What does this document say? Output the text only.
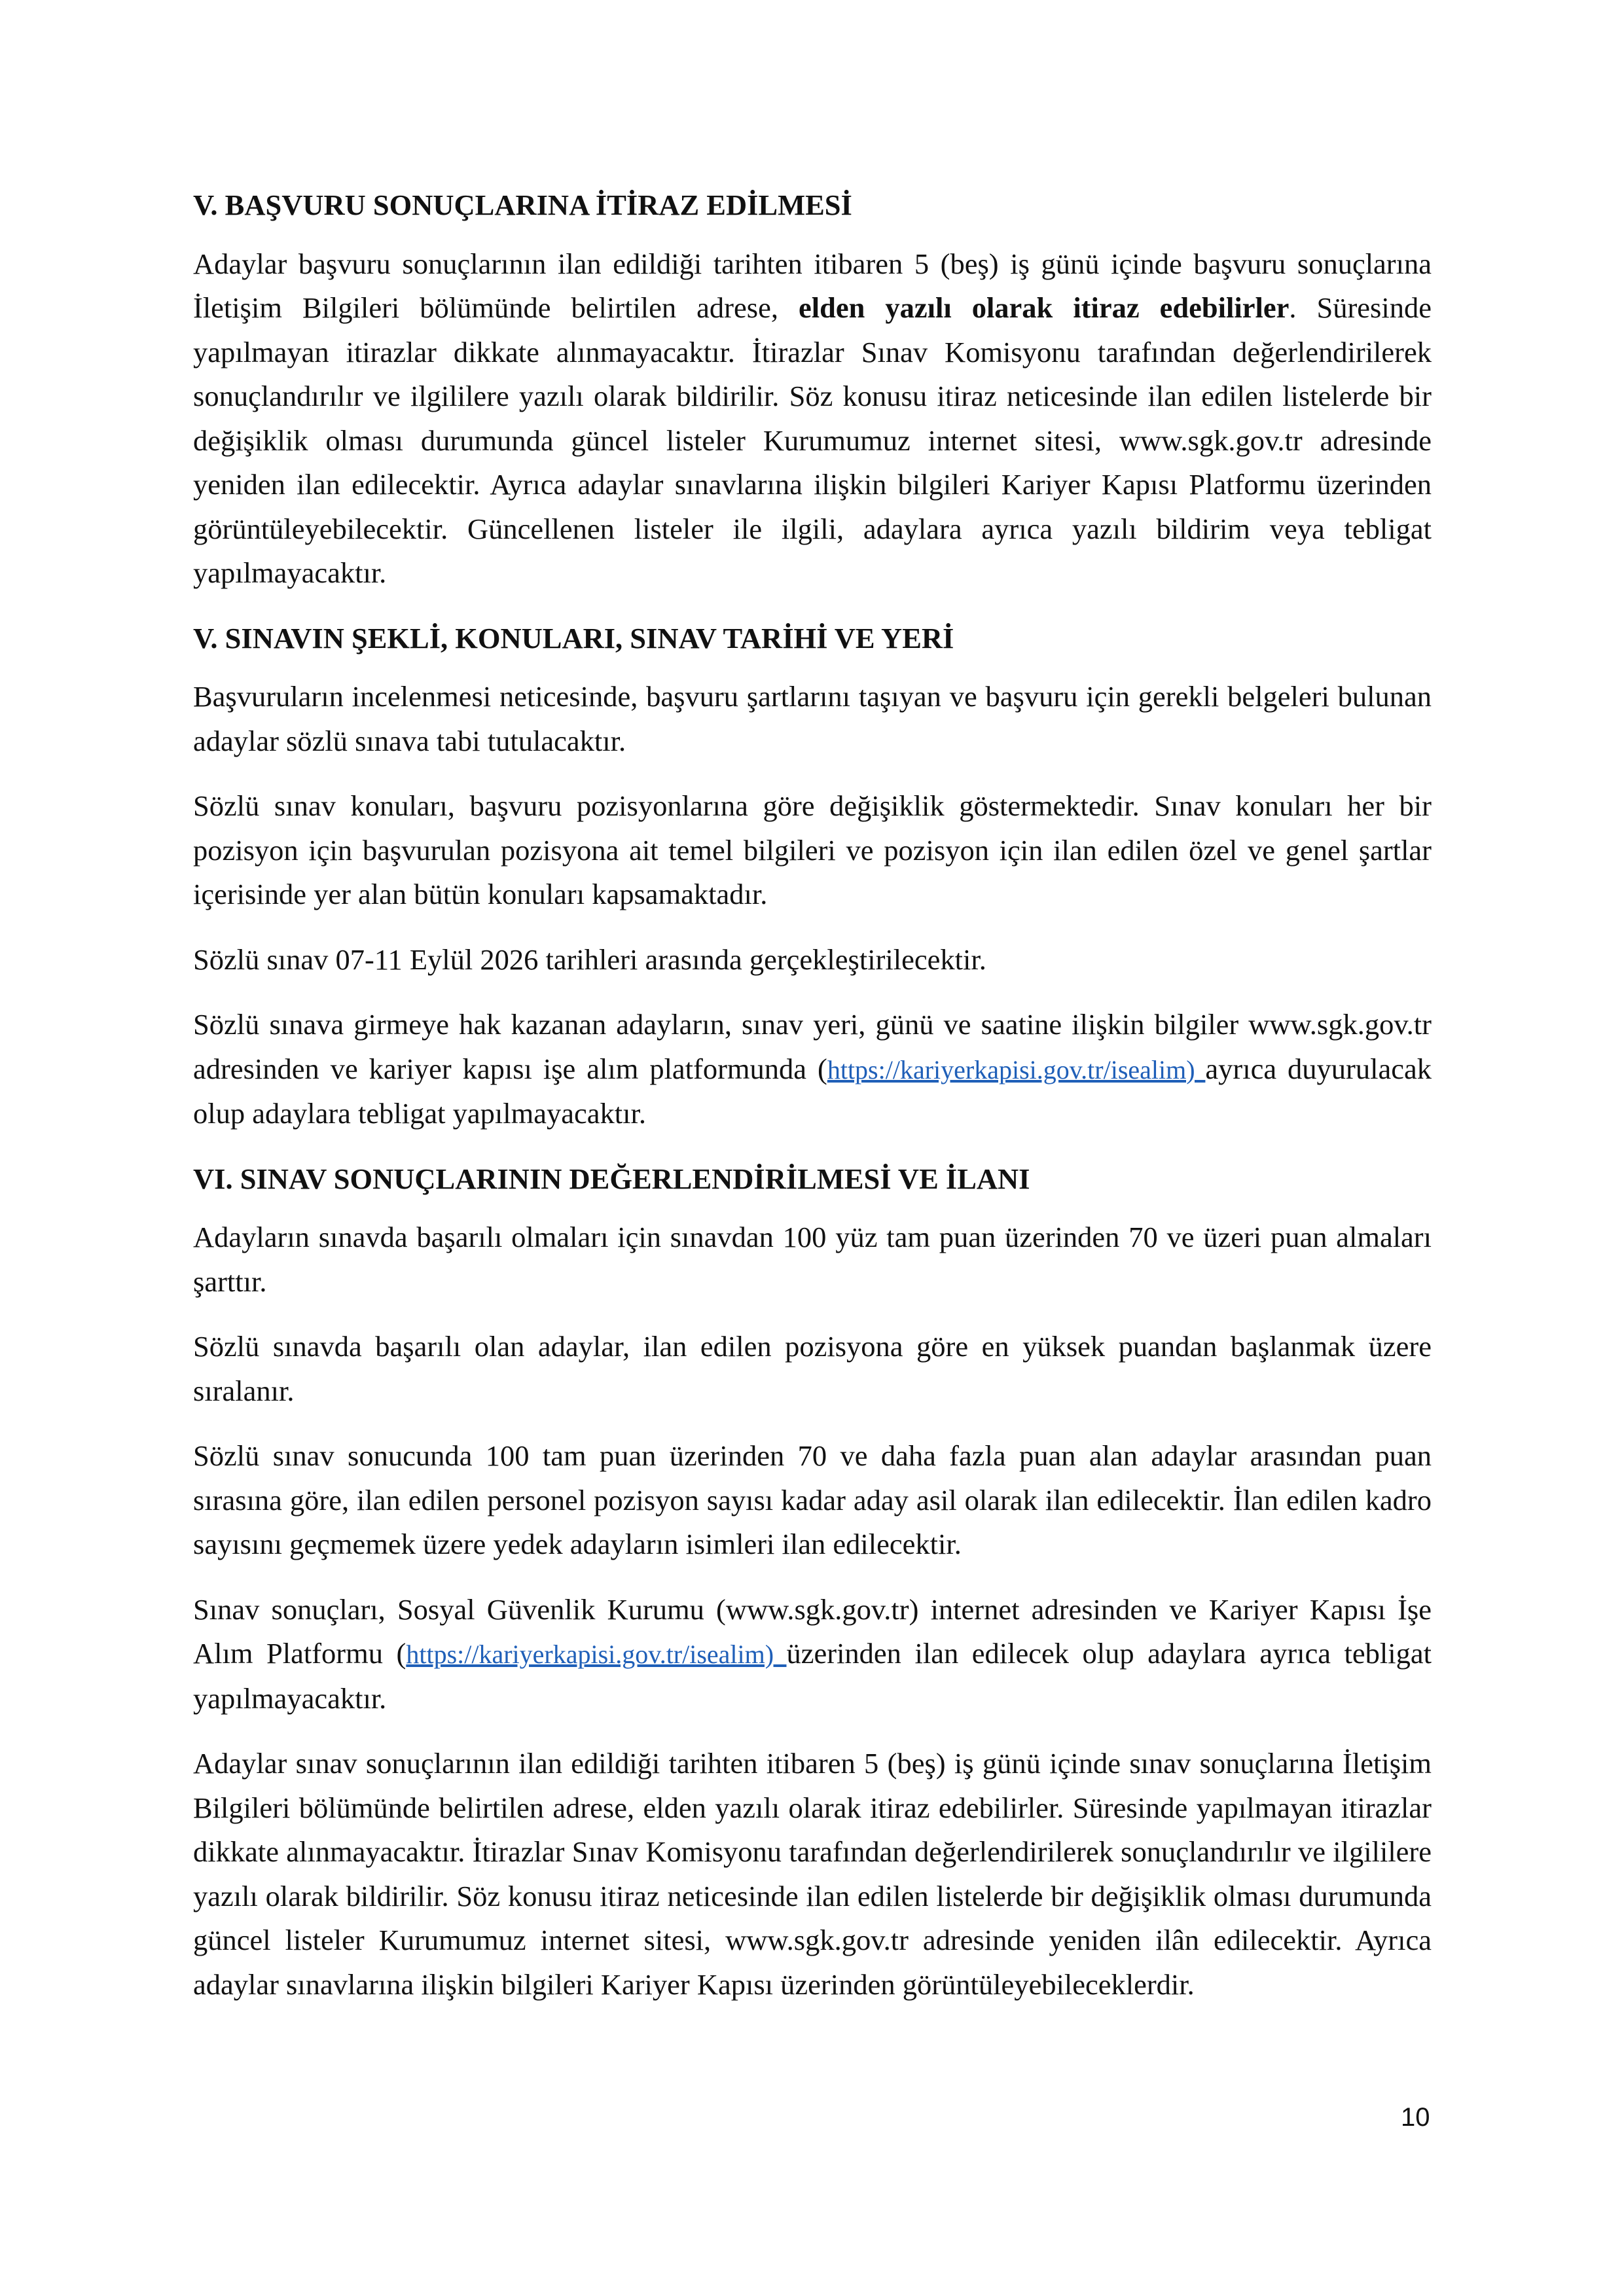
V. BAŞVURU SONUÇLARINA İTİRAZ EDİLMESİ

Adaylar başvuru sonuçlarının ilan edildiği tarihten itibaren 5 (beş) iş günü içinde başvuru sonuçlarına İletişim Bilgileri bölümünde belirtilen adrese, elden yazılı olarak itiraz edebilirler. Süresinde yapılmayan itirazlar dikkate alınmayacaktır. İtirazlar Sınav Komisyonu tarafından değerlendirilerek sonuçlandırılır ve ilgililere yazılı olarak bildirilir. Söz konusu itiraz neticesinde ilan edilen listelerde bir değişiklik olması durumunda güncel listeler Kurumumuz internet sitesi, www.sgk.gov.tr adresinde yeniden ilan edilecektir. Ayrıca adaylar sınavlarına ilişkin bilgileri Kariyer Kapısı Platformu üzerinden görüntüleyebilecektir. Güncellenen listeler ile ilgili, adaylara ayrıca yazılı bildirim veya tebligat yapılmayacaktır.

V. SINAVIN ŞEKLİ, KONULARI, SINAV TARİHİ VE YERİ

Başvuruların incelenmesi neticesinde, başvuru şartlarını taşıyan ve başvuru için gerekli belgeleri bulunan adaylar sözlü sınava tabi tutulacaktır.

Sözlü sınav konuları, başvuru pozisyonlarına göre değişiklik göstermektedir. Sınav konuları her bir pozisyon için başvurulan pozisyona ait temel bilgileri ve pozisyon için ilan edilen özel ve genel şartlar içerisinde yer alan bütün konuları kapsamaktadır.

Sözlü sınav 07-11 Eylül 2026 tarihleri arasında gerçekleştirilecektir.

Sözlü sınava girmeye hak kazanan adayların, sınav yeri, günü ve saatine ilişkin bilgiler www.sgk.gov.tr adresinden ve kariyer kapısı işe alım platformunda (https://kariyerkapisi.gov.tr/isealim) ayrıca duyurulacak olup adaylara tebligat yapılmayacaktır.

VI. SINAV SONUÇLARININ DEĞERLENDİRİLMESİ VE İLANI

Adayların sınavda başarılı olmaları için sınavdan 100 yüz tam puan üzerinden 70 ve üzeri puan almaları şarttır.

Sözlü sınavda başarılı olan adaylar, ilan edilen pozisyona göre en yüksek puandan başlanmak üzere sıralanır.

Sözlü sınav sonucunda 100 tam puan üzerinden 70 ve daha fazla puan alan adaylar arasından puan sırasına göre, ilan edilen personel pozisyon sayısı kadar aday asil olarak ilan edilecektir. İlan edilen kadro sayısını geçmemek üzere yedek adayların isimleri ilan edilecektir.

Sınav sonuçları, Sosyal Güvenlik Kurumu (www.sgk.gov.tr) internet adresinden ve Kariyer Kapısı İşe Alım Platformu (https://kariyerkapisi.gov.tr/isealim) üzerinden ilan edilecek olup adaylara ayrıca tebligat yapılmayacaktır.

Adaylar sınav sonuçlarının ilan edildiği tarihten itibaren 5 (beş) iş günü içinde sınav sonuçlarına İletişim Bilgileri bölümünde belirtilen adrese, elden yazılı olarak itiraz edebilirler. Süresinde yapılmayan itirazlar dikkate alınmayacaktır. İtirazlar Sınav Komisyonu tarafından değerlendirilerek sonuçlandırılır ve ilgililere yazılı olarak bildirilir. Söz konusu itiraz neticesinde ilan edilen listelerde bir değişiklik olması durumunda güncel listeler Kurumumuz internet sitesi, www.sgk.gov.tr adresinde yeniden ilân edilecektir. Ayrıca adaylar sınavlarına ilişkin bilgileri Kariyer Kapısı üzerinden görüntüleyebileceklerdir.

10
